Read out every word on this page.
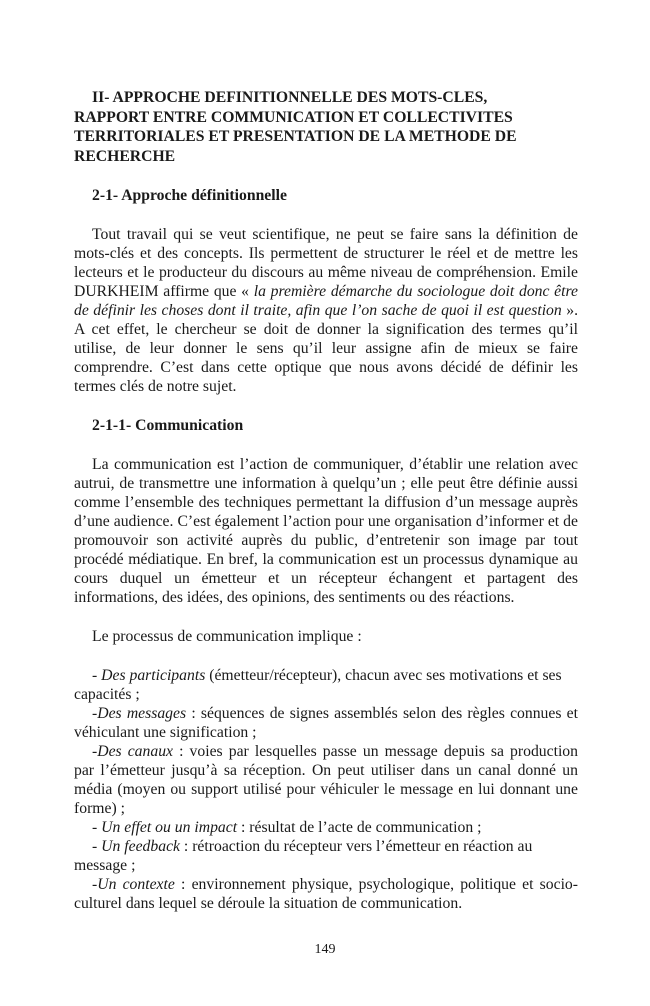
II- APPROCHE DEFINITIONNELLE DES MOTS-CLES,
RAPPORT ENTRE COMMUNICATION ET COLLECTIVITES
TERRITORIALES ET PRESENTATION DE LA METHODE DE
RECHERCHE

2-1- Approche définitionnelle

Tout travail qui se veut scientifique, ne peut se faire sans la définition de mots-clés et des concepts. Ils permettent de structurer le réel et de mettre les lecteurs et le producteur du discours au même niveau de compréhension. Emile DURKHEIM affirme que « la première démarche du sociologue doit donc être de définir les choses dont il traite, afin que l’on sache de quoi il est question ». A cet effet, le chercheur se doit de donner la signification des termes qu’il utilise, de leur donner le sens qu’il leur assigne afin de mieux se faire comprendre. C’est dans cette optique que nous avons décidé de définir les termes clés de notre sujet.

2-1-1- Communication

La communication est l’action de communiquer, d’établir une relation avec autrui, de transmettre une information à quelqu’un ; elle peut être définie aussi comme l’ensemble des techniques permettant la diffusion d’un message auprès d’une audience. C’est également l’action pour une organisation d’informer et de promouvoir son activité auprès du public, d’entretenir son image par tout procédé médiatique. En bref, la communication est un processus dynamique au cours duquel un émetteur et un récepteur échangent et partagent des informations, des idées, des opinions, des sentiments ou des réactions.

Le processus de communication implique :

- Des participants (émetteur/récepteur), chacun avec ses motivations et ses capacités ;

-Des messages : séquences de signes assemblés selon des règles connues et véhiculant une signification ;

-Des canaux : voies par lesquelles passe un message depuis sa production par l’émetteur jusqu’à sa réception. On peut utiliser dans un canal donné un média (moyen ou support utilisé pour véhiculer le message en lui donnant une forme) ;

- Un effet ou un impact : résultat de l’acte de communication ;

- Un feedback : rétroaction du récepteur vers l’émetteur en réaction au message ;

-Un contexte : environnement physique, psychologique, politique et socio-culturel dans lequel se déroule la situation de communication.

149
